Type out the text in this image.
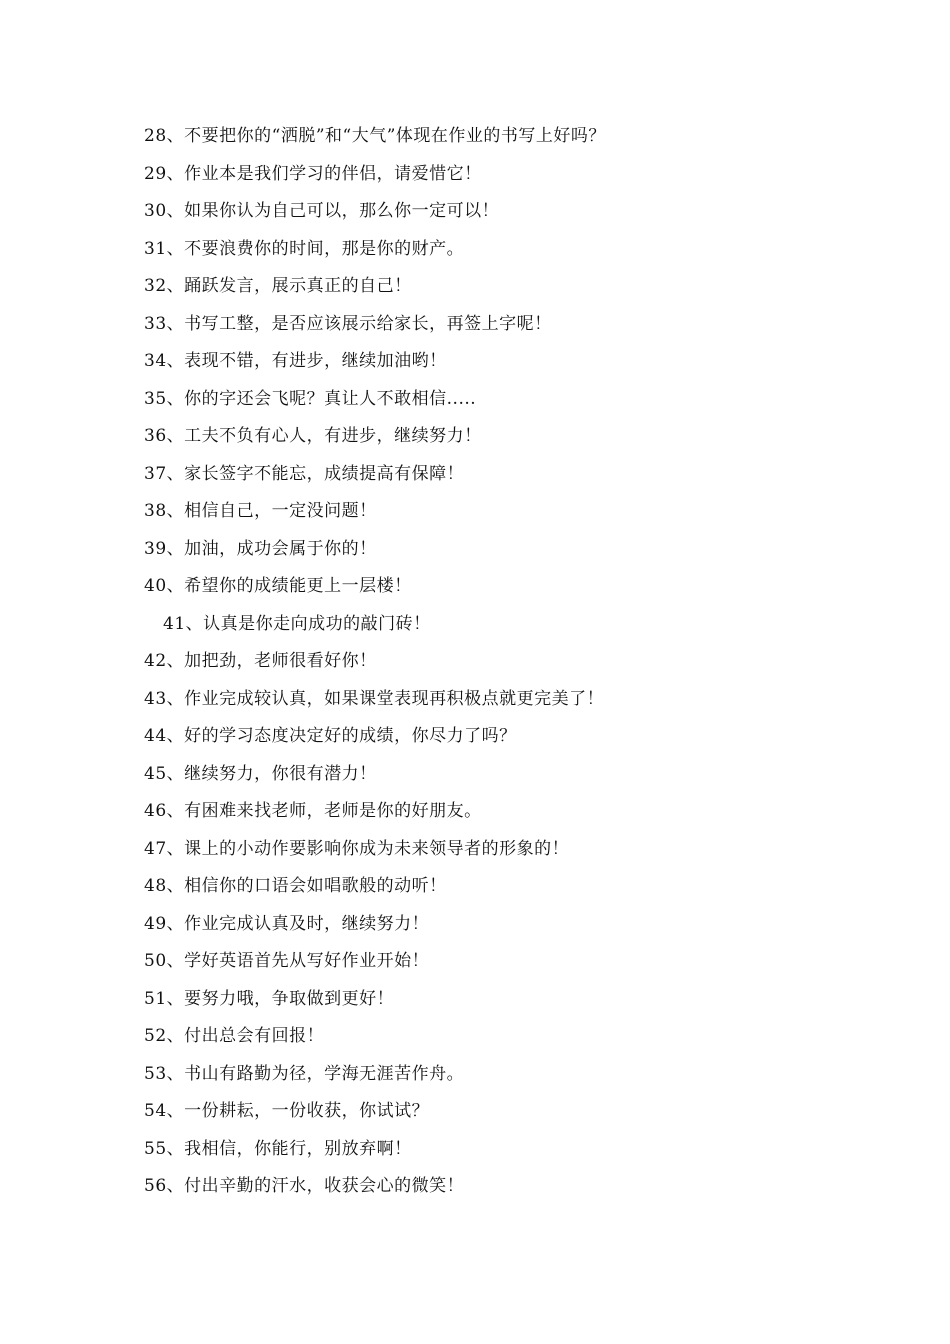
28、不要把你的“洒脱”和“大气”体现在作业的书写上好吗？
29、作业本是我们学习的伴侣，请爱惜它！
30、如果你认为自己可以，那么你一定可以！
31、不要浪费你的时间，那是你的财产。
32、踊跃发言，展示真正的自己！
33、书写工整，是否应该展示给家长，再签上字呢！
34、表现不错，有进步，继续加油哟！
35、你的字还会飞呢？真让人不敢相信.....
36、工夫不负有心人，有进步，继续努力！
37、家长签字不能忘，成绩提高有保障！
38、相信自己，一定没问题！
39、加油，成功会属于你的！
40、希望你的成绩能更上一层楼！
41、认真是你走向成功的敲门砖！
42、加把劲，老师很看好你！
43、作业完成较认真，如果课堂表现再积极点就更完美了！
44、好的学习态度决定好的成绩，你尽力了吗？
45、继续努力，你很有潜力！
46、有困难来找老师，老师是你的好朋友。
47、课上的小动作要影响你成为未来领导者的形象的！
48、相信你的口语会如唱歌般的动听！
49、作业完成认真及时，继续努力！
50、学好英语首先从写好作业开始！
51、要努力哦，争取做到更好！
52、付出总会有回报！
53、书山有路勤为径，学海无涯苦作舟。
54、一份耕耘，一份收获，你试试？
55、我相信，你能行，别放弃啊！
56、付出辛勤的汗水，收获会心的微笑！
